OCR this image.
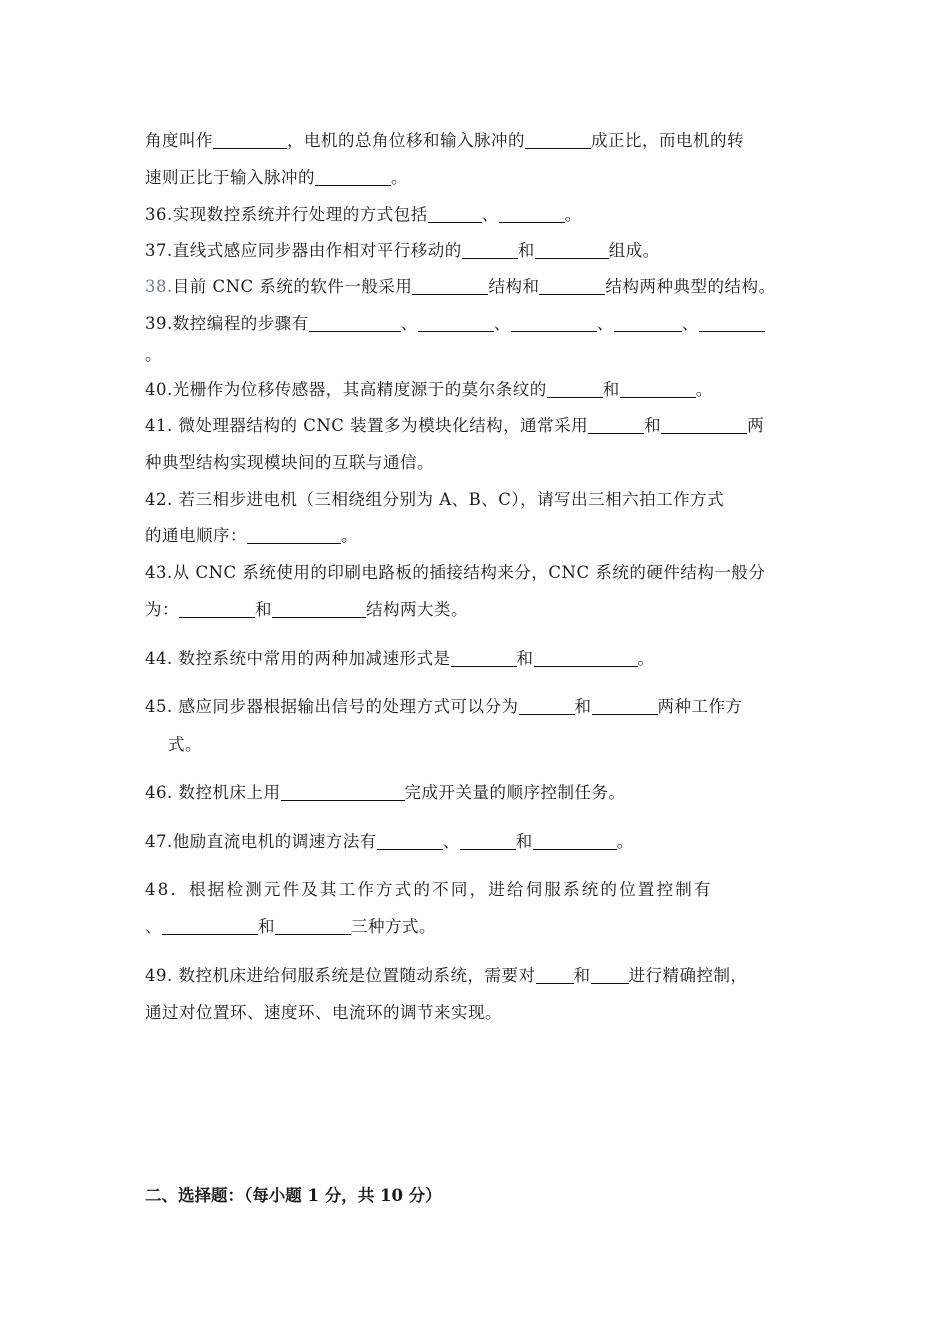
角度叫作	，电机的总角位移和输入脉冲的	成正比，而电机的转
速则正比于输入脉冲的	。
36.实现数控系统并行处理的方式包括	、	。
37.直线式感应同步器由作相对平行移动的	和	组成。
38.目前 CNC 系统的软件一般采用	结构和	结构两种典型的结构。
39.数控编程的步骤有	、	、	、	、
。
40.光栅作为位移传感器，其高精度源于的莫尔条纹的	和	。
41. 微处理器结构的 CNC 装置多为模块化结构，通常采用	和	两
种典型结构实现模块间的互联与通信。
42. 若三相步进电机（三相绕组分别为 A、B、C），请写出三相六拍工作方式
的通电顺序：	。
43.从 CNC 系统使用的印刷电路板的插接结构来分，CNC 系统的硬件结构一般分
为：	和	结构两大类。
44. 数控系统中常用的两种加减速形式是	和	。
45. 感应同步器根据输出信号的处理方式可以分为	和	两种工作方
式。
46. 数控机床上用	完成开关量的顺序控制任务。
47.他励直流电机的调速方法有	、	和	。
48．根据检测元件及其工作方式的不同，进给伺服系统的位置控制有
、	和	三种方式。
49. 数控机床进给伺服系统是位置随动系统，需要对 和 进行精确控制，
通过对位置环、速度环、电流环的调节来实现。
二、选择题：（每小题 1 分，共 10 分）
